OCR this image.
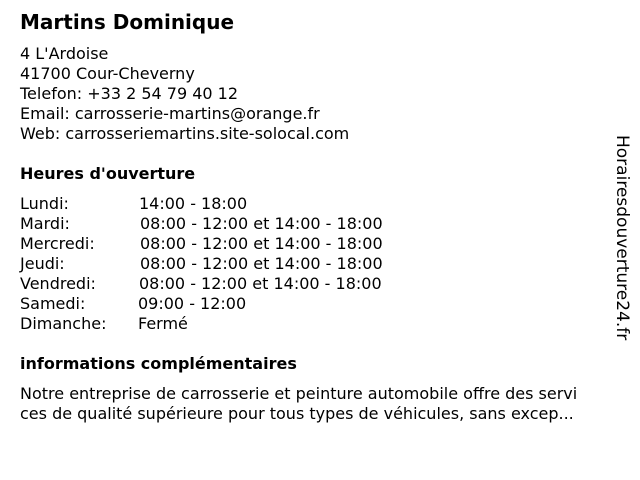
Martins Dominique
4 L'Ardoise
41700 Cour-Cheverny
Telefon: +33 2 54 79 40 12
Email: carrosserie-martins@orange.fr
Web: carrosseriemartins.site-solocal.com
Heures d'ouverture
Lundi:	14:00 - 18:00
Mardi:	08:00 - 12:00 et 14:00 - 18:00
Mercredi:	08:00 - 12:00 et 14:00 - 18:00
Jeudi:	08:00 - 12:00 et 14:00 - 18:00
Vendredi:	08:00 - 12:00 et 14:00 - 18:00
Samedi:	09:00 - 12:00
Dimanche: Fermé
informations complémentaires
Notre entreprise de carrosserie et peinture automobile offre des servi
ces de qualité supérieure pour tous types de véhicules, sans excep...
Horairesdouverture24.fr
